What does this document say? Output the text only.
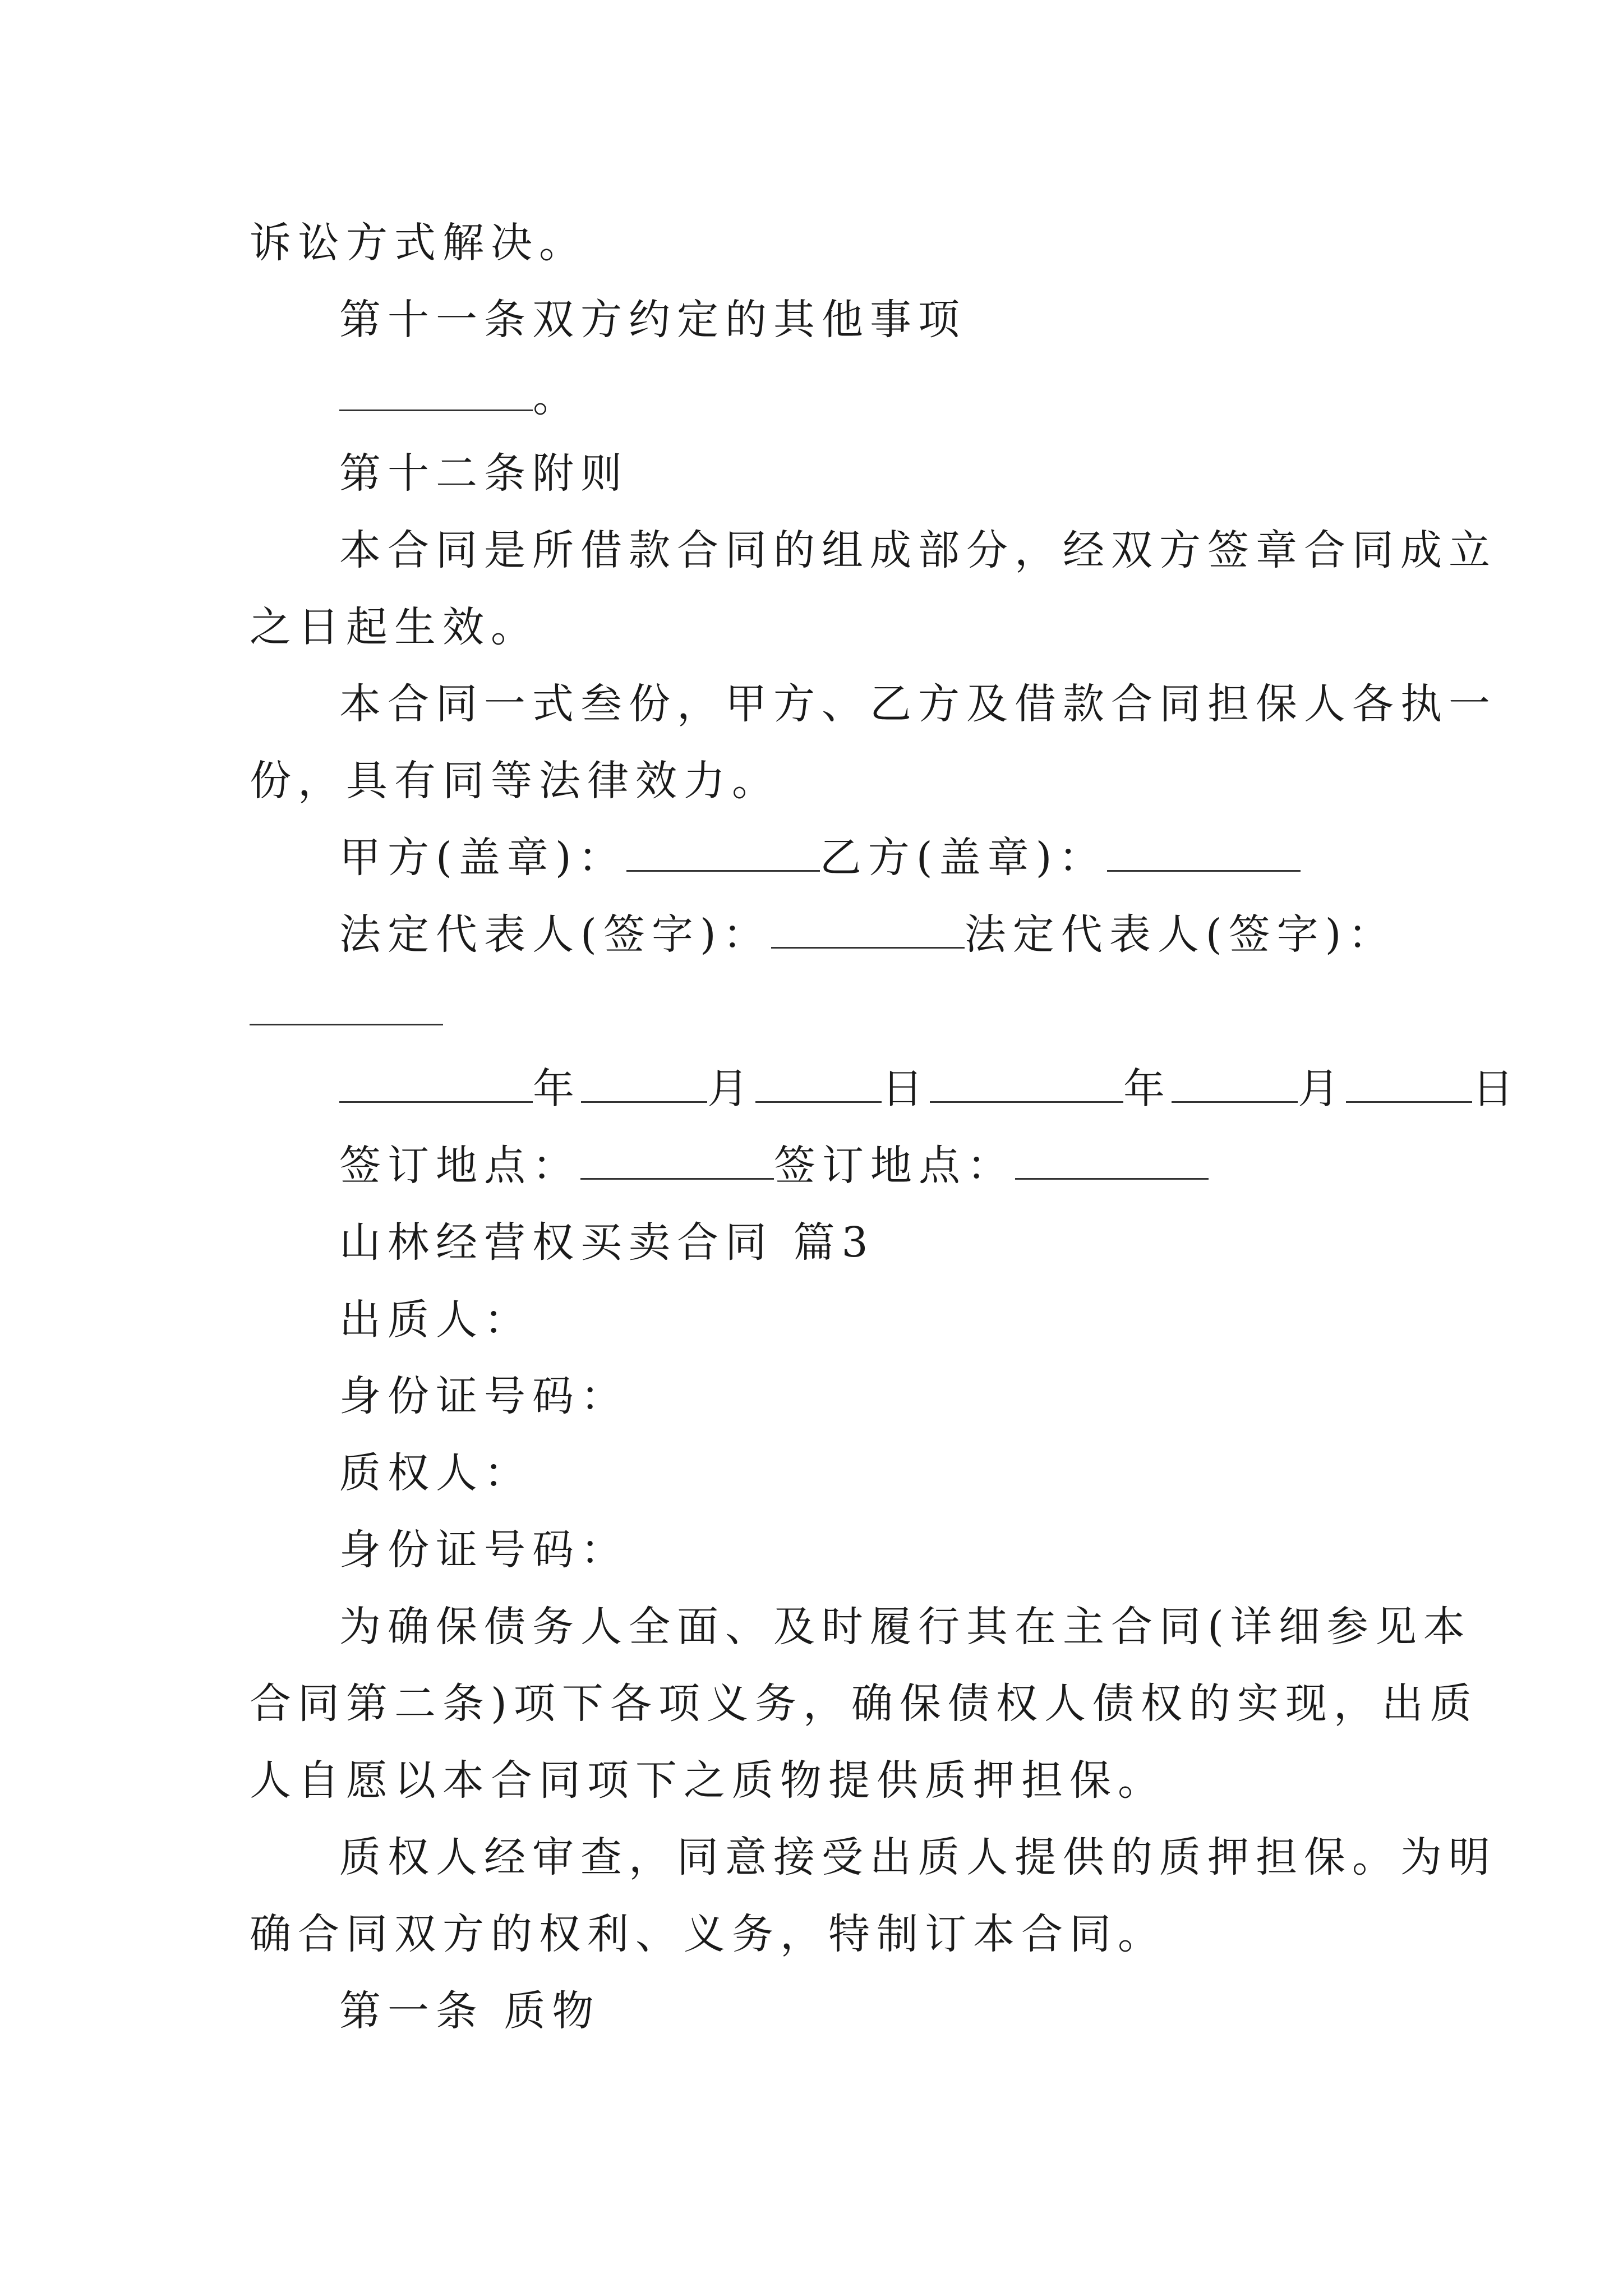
诉讼方式解决。
第十一条双方约定的其他事项
。
第十二条附则
本合同是所借款合同的组成部分，经双方签章合同成立
之日起生效。
本合同一式叁份，甲方、乙方及借款合同担保人各执一
份，具有同等法律效力。
甲方(盖章)：	乙方(盖章)：
法定代表人(签字)：	法定代表人(签字)：
年	月	日	年	月	日
签订地点：	签订地点：
山林经营权买卖合同 篇3
出质人：
身份证号码：
质权人：
身份证号码：
为确保债务人全面、及时履行其在主合同(详细参见本
合同第二条)项下各项义务，确保债权人债权的实现，出质
人自愿以本合同项下之质物提供质押担保。
质权人经审查，同意接受出质人提供的质押担保。为明
确合同双方的权利、义务，特制订本合同。
第一条 质物
